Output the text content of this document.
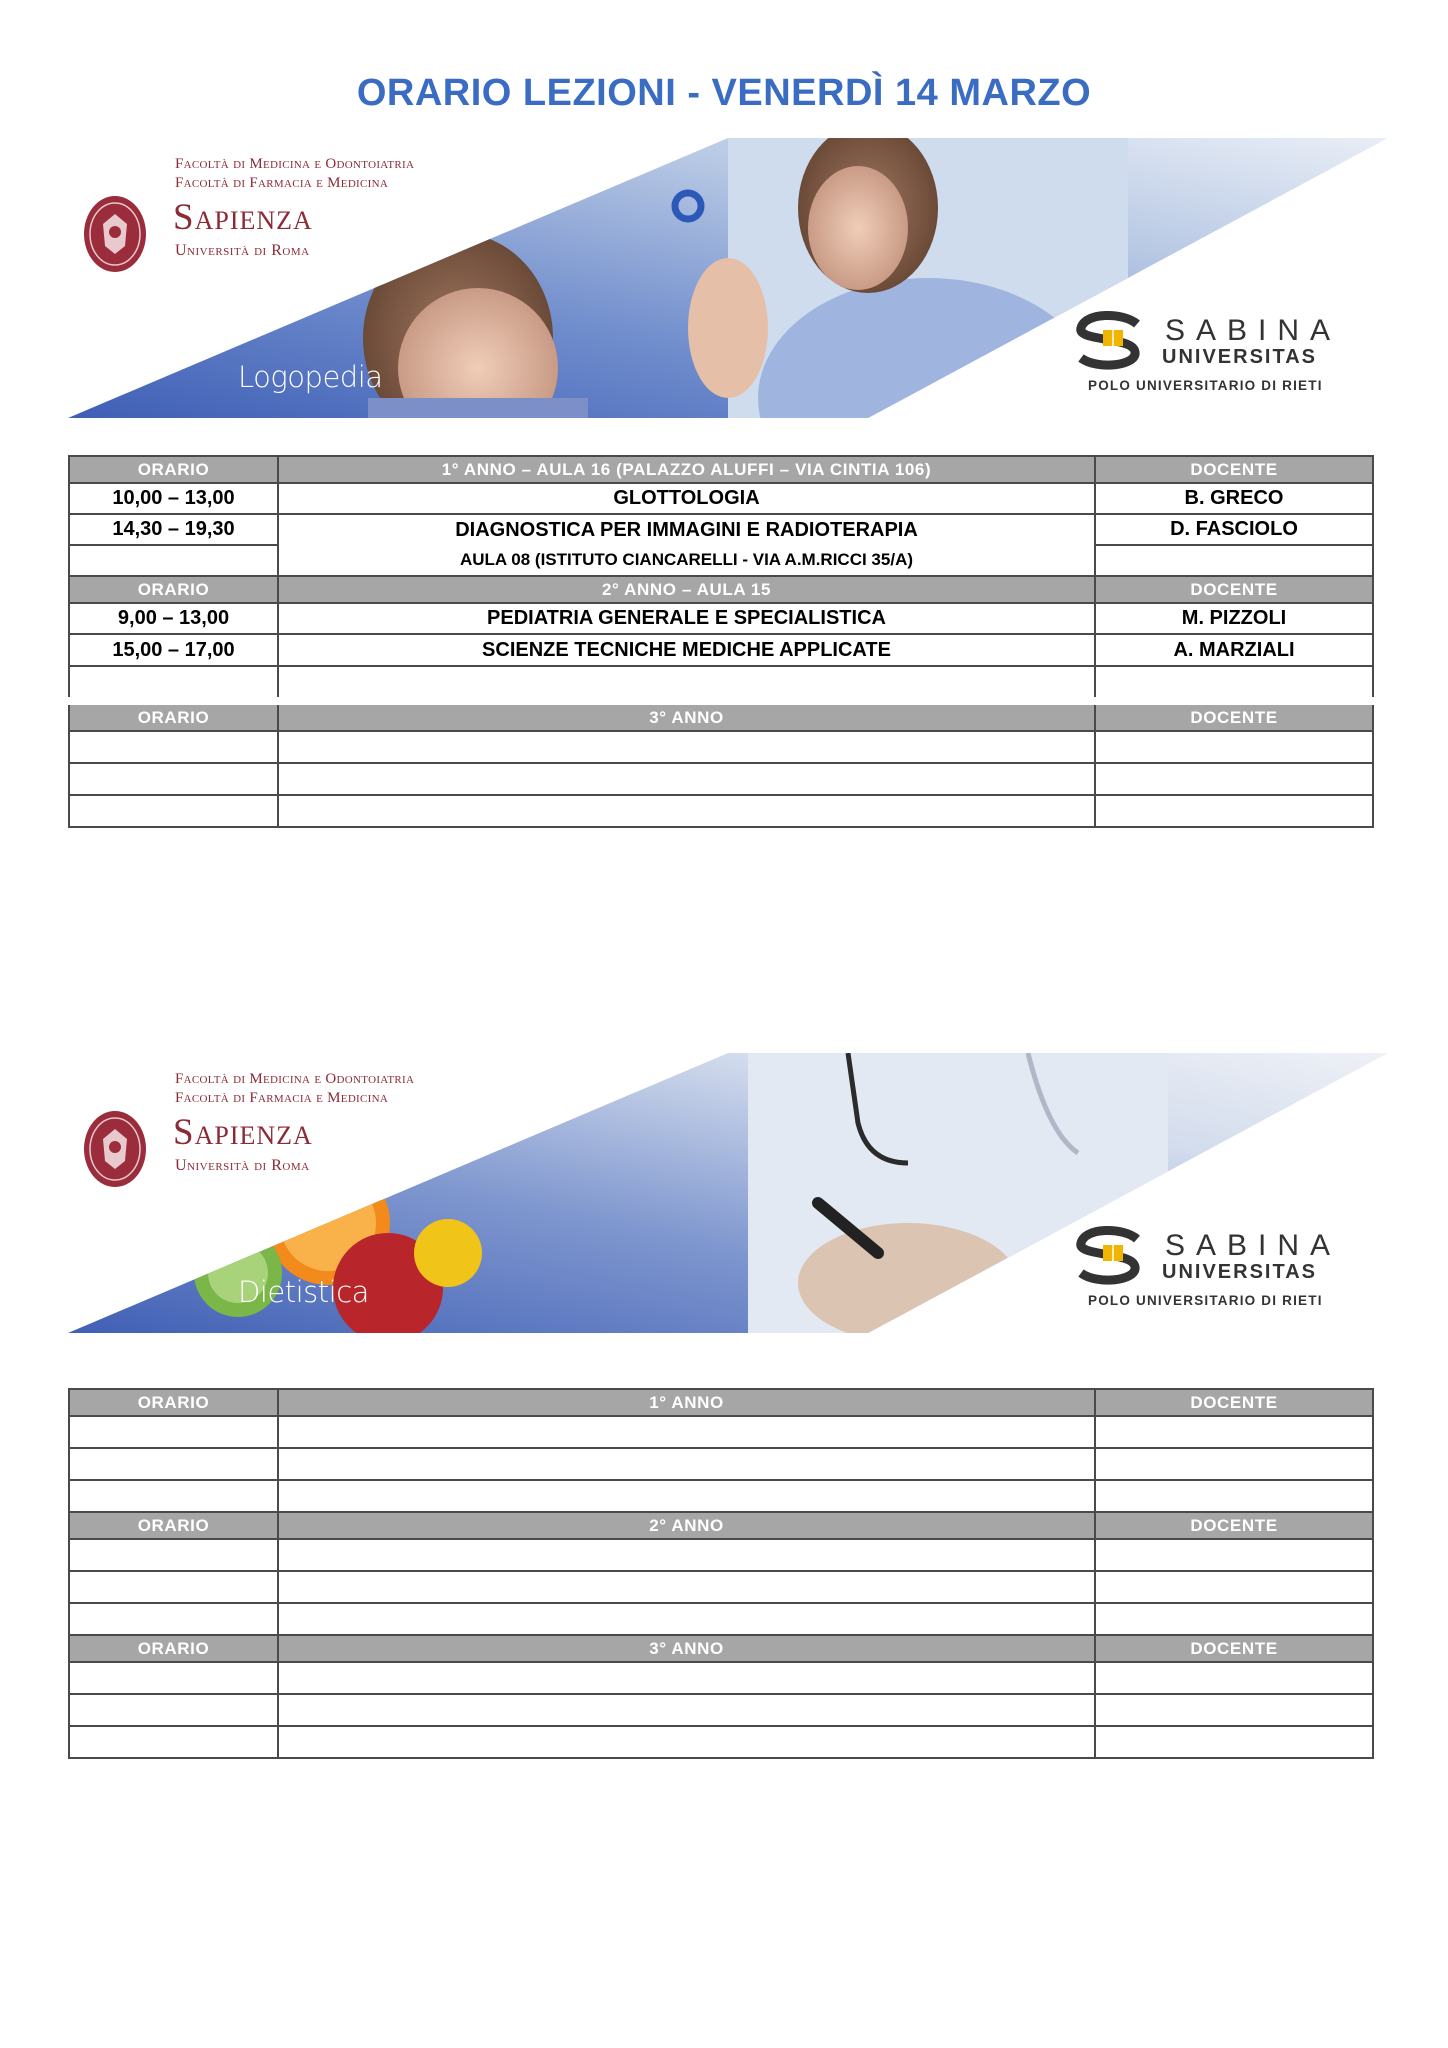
ORARIO LEZIONI - VENERDÌ 14 MARZO
Facoltà di Medicina e Odontoiatria
Facoltà di Farmacia e Medicina
Sapienza
Università di Roma
Logopedia
SABINA
UNIVERSITAS
POLO UNIVERSITARIO DI RIETI
ORARIO	1° ANNO – AULA 16 (PALAZZO ALUFFI – VIA CINTIA 106)	DOCENTE
10,00 – 13,00	GLOTTOLOGIA	B. GRECO
14,30 – 19,30	DIAGNOSTICA PER IMMAGINI E RADIOTERAPIA	D. FASCIOLO
	AULA 08 (ISTITUTO CIANCARELLI - VIA A.M.RICCI 35/A)	
ORARIO	2° ANNO – AULA 15	DOCENTE
9,00 – 13,00	PEDIATRIA GENERALE E SPECIALISTICA	M. PIZZOLI
15,00 – 17,00	SCIENZE TECNICHE MEDICHE APPLICATE	A. MARZIALI

ORARIO	3° ANNO	DOCENTE

Facoltà di Medicina e Odontoiatria
Facoltà di Farmacia e Medicina
Sapienza
Università di Roma
Dietistica
SABINA
UNIVERSITAS
POLO UNIVERSITARIO DI RIETI
ORARIO	1° ANNO	DOCENTE

ORARIO	2° ANNO	DOCENTE

ORARIO	3° ANNO	DOCENTE
